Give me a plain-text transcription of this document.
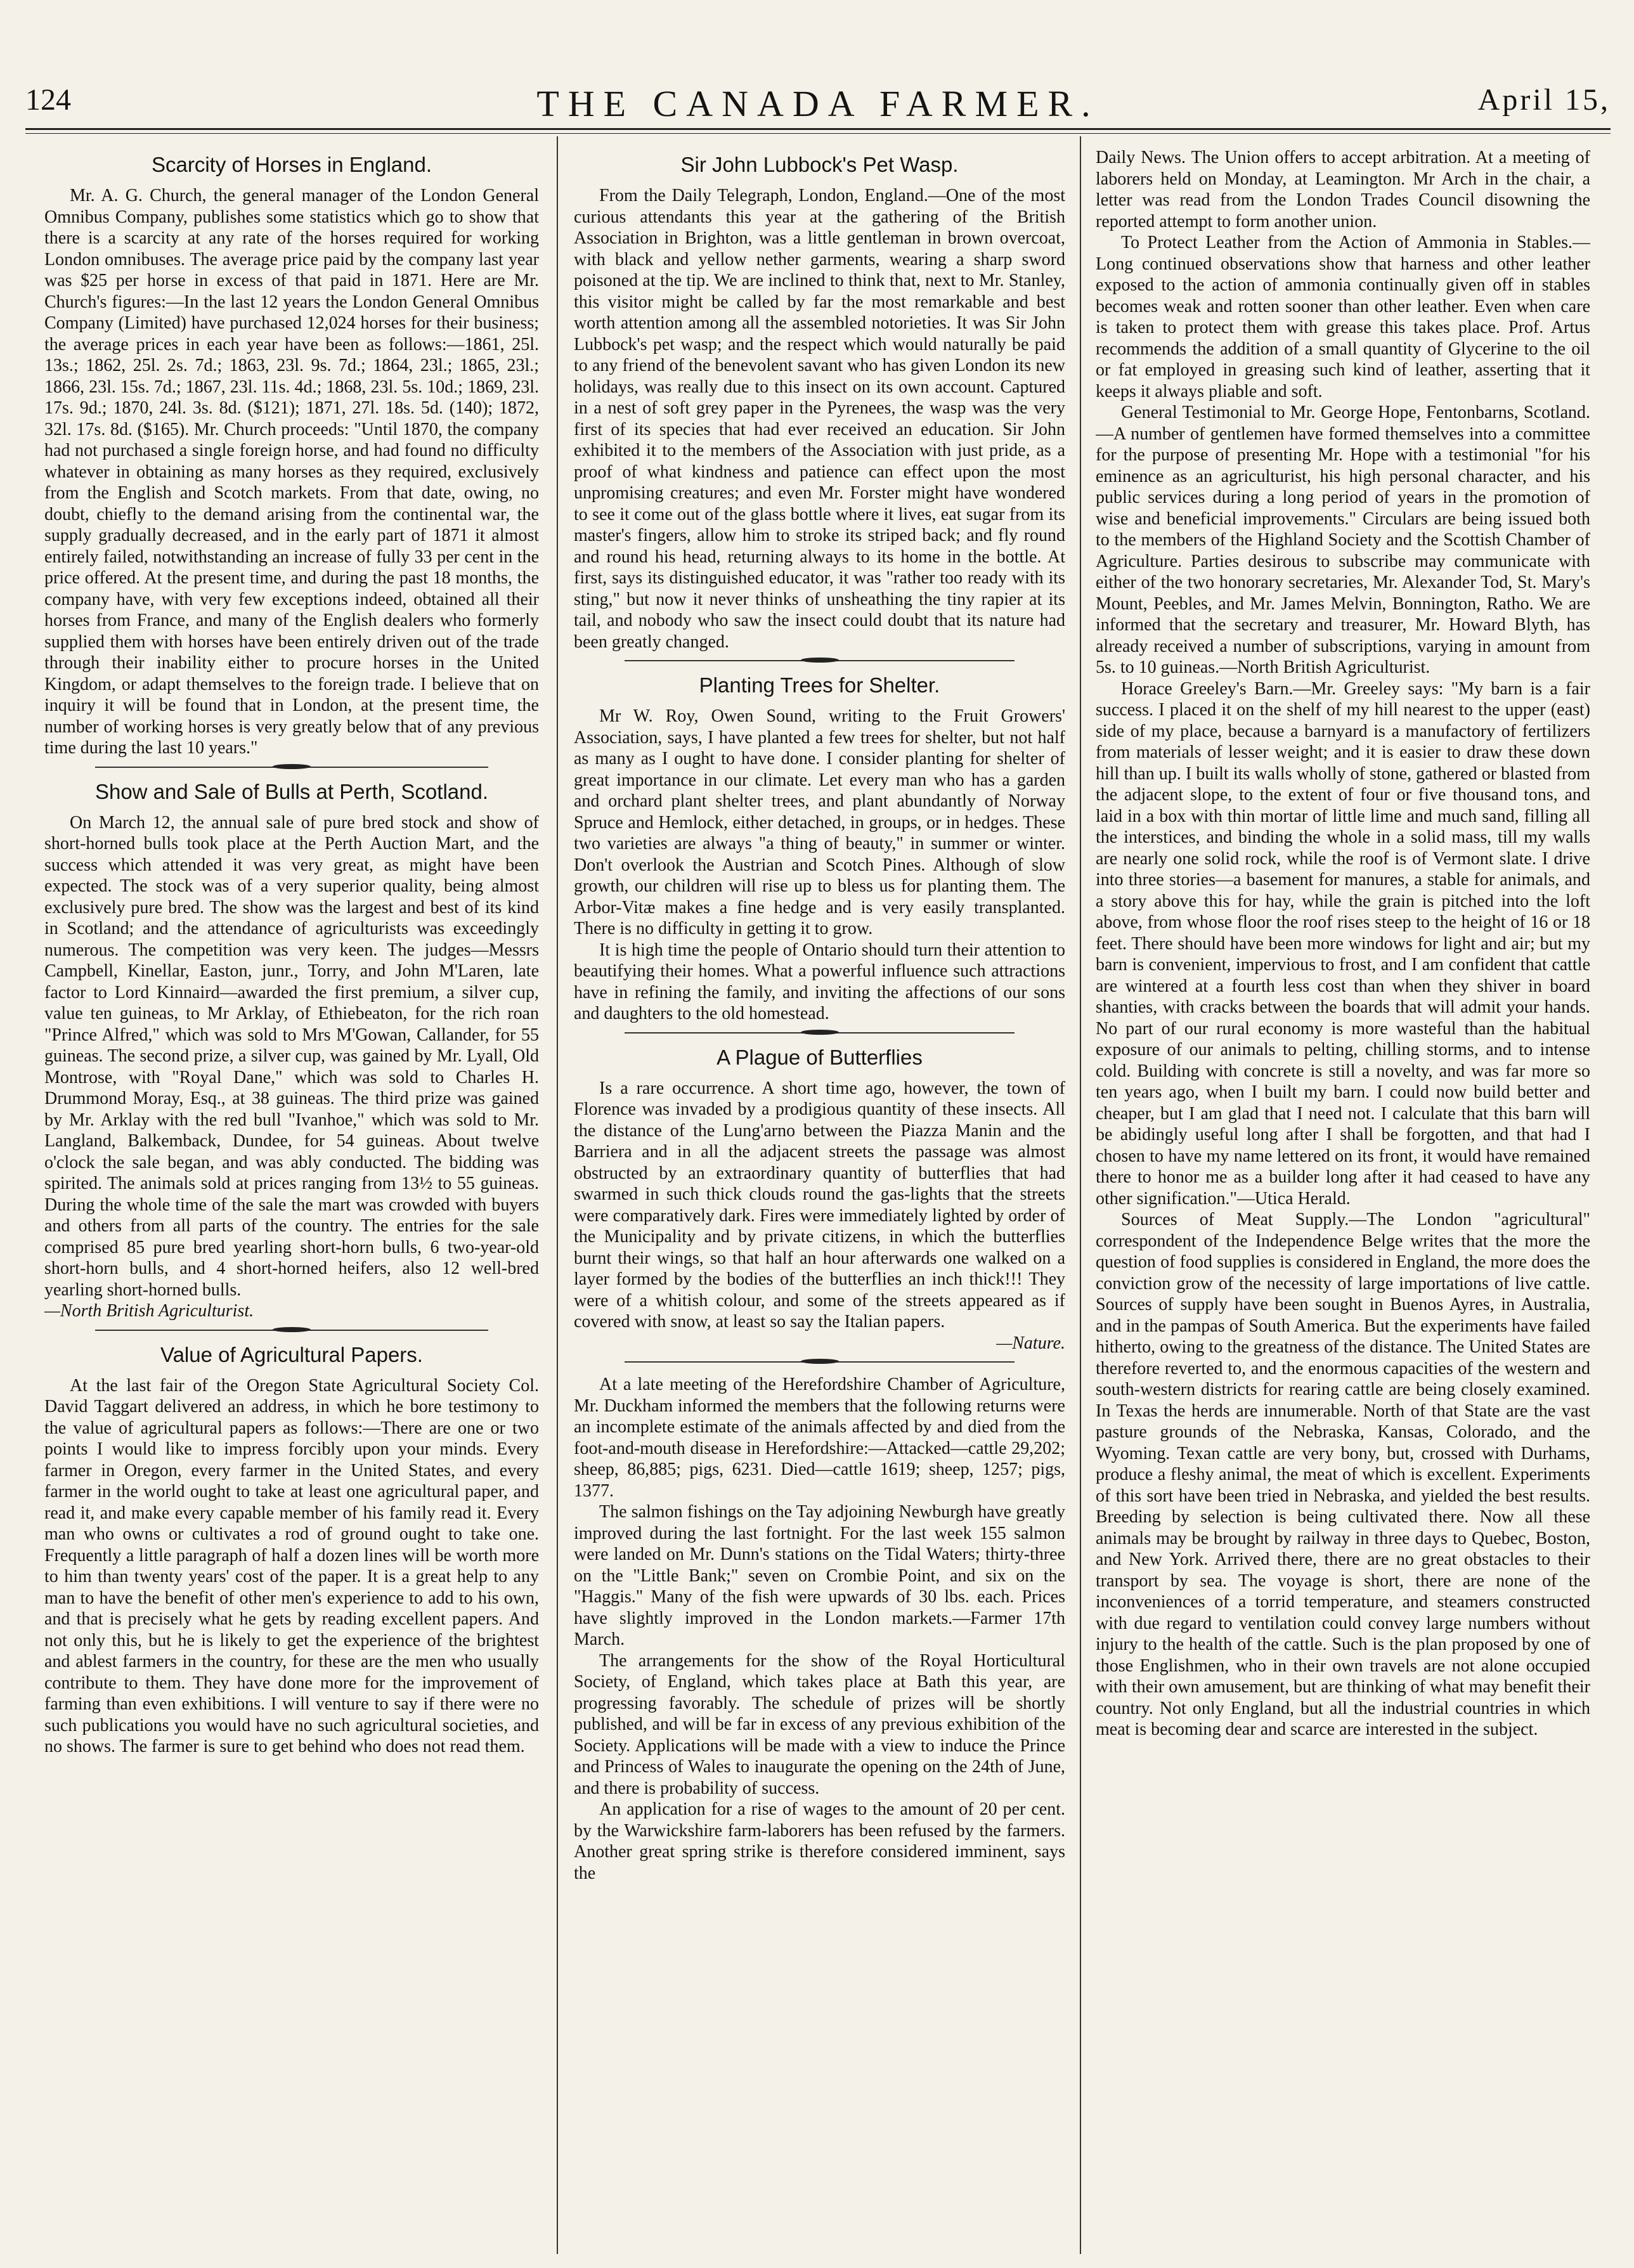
124	THE CANADA FARMER.	April 15,
Scarcity of Horses in England.

Mr. A. G. Church, the general manager of the London General Omnibus Company, publishes some statistics which go to show that there is a scarcity at any rate of the horses required for working London omnibuses. The average price paid by the company last year was $25 per horse in excess of that paid in 1871. Here are Mr. Church's figures:—In the last 12 years the London General Omnibus Company (Limited) have purchased 12,024 horses for their business; the average prices in each year have been as follows:—1861, 25l. 13s.; 1862, 25l. 2s. 7d.; 1863, 23l. 9s. 7d.; 1864, 23l.; 1865, 23l.; 1866, 23l. 15s. 7d.; 1867, 23l. 11s. 4d.; 1868, 23l. 5s. 10d.; 1869, 23l. 17s. 9d.; 1870, 24l. 3s. 8d. ($121); 1871, 27l. 18s. 5d. (140); 1872, 32l. 17s. 8d. ($165). Mr. Church proceeds: "Until 1870, the company had not purchased a single foreign horse, and had found no difficulty whatever in obtaining as many horses as they required, exclusively from the English and Scotch markets. From that date, owing, no doubt, chiefly to the demand arising from the continental war, the supply gradually decreased, and in the early part of 1871 it almost entirely failed, notwithstanding an increase of fully 33 per cent in the price offered. At the present time, and during the past 18 months, the company have, with very few exceptions indeed, obtained all their horses from France, and many of the English dealers who formerly supplied them with horses have been entirely driven out of the trade through their inability either to procure horses in the United Kingdom, or adapt themselves to the foreign trade. I believe that on inquiry it will be found that in London, at the present time, the number of working horses is very greatly below that of any previous time during the last 10 years."

Show and Sale of Bulls at Perth, Scotland.

On March 12, the annual sale of pure bred stock and show of short-horned bulls took place at the Perth Auction Mart, and the success which attended it was very great, as might have been expected. The stock was of a very superior quality, being almost exclusively pure bred. The show was the largest and best of its kind in Scotland; and the attendance of agriculturists was exceedingly numerous. The competition was very keen. The judges—Messrs Campbell, Kinellar, Easton, junr., Torry, and John M'Laren, late factor to Lord Kinnaird—awarded the first premium, a silver cup, value ten guineas, to Mr Arklay, of Ethiebeaton, for the rich roan "Prince Alfred," which was sold to Mrs M'Gowan, Callander, for 55 guineas. The second prize, a silver cup, was gained by Mr. Lyall, Old Montrose, with "Royal Dane," which was sold to Charles H. Drummond Moray, Esq., at 38 guineas. The third prize was gained by Mr. Arklay with the red bull "Ivanhoe," which was sold to Mr. Langland, Balkemback, Dundee, for 54 guineas. About twelve o'clock the sale began, and was ably conducted. The bidding was spirited. The animals sold at prices ranging from 13½ to 55 guineas. During the whole time of the sale the mart was crowded with buyers and others from all parts of the country. The entries for the sale comprised 85 pure bred yearling short-horn bulls, 6 two-year-old short-horn bulls, and 4 short-horned heifers, also 12 well-bred yearling short-horned bulls.

—North British Agriculturist.
Value of Agricultural Papers.

At the last fair of the Oregon State Agricultural Society Col. David Taggart delivered an address, in which he bore testimony to the value of agricultural papers as follows:—There are one or two points I would like to impress forcibly upon your minds. Every farmer in Oregon, every farmer in the United States, and every farmer in the world ought to take at least one agricultural paper, and read it, and make every capable member of his family read it. Every man who owns or cultivates a rod of ground ought to take one. Frequently a little paragraph of half a dozen lines will be worth more to him than twenty years' cost of the paper. It is a great help to any man to have the benefit of other men's experience to add to his own, and that is precisely what he gets by reading excellent papers. And not only this, but he is likely to get the experience of the brightest and ablest farmers in the country, for these are the men who usually contribute to them. They have done more for the improvement of farming than even exhibitions. I will venture to say if there were no such publications you would have no such agricultural societies, and no shows. The farmer is sure to get behind who does not read them.

Sir John Lubbock's Pet Wasp.

From the Daily Telegraph, London, England.—One of the most curious attendants this year at the gathering of the British Association in Brighton, was a little gentleman in brown overcoat, with black and yellow nether garments, wearing a sharp sword poisoned at the tip. We are inclined to think that, next to Mr. Stanley, this visitor might be called by far the most remarkable and best worth attention among all the assembled notorieties. It was Sir John Lubbock's pet wasp; and the respect which would naturally be paid to any friend of the benevolent savant who has given London its new holidays, was really due to this insect on its own account. Captured in a nest of soft grey paper in the Pyrenees, the wasp was the very first of its species that had ever received an education. Sir John exhibited it to the members of the Association with just pride, as a proof of what kindness and patience can effect upon the most unpromising creatures; and even Mr. Forster might have wondered to see it come out of the glass bottle where it lives, eat sugar from its master's fingers, allow him to stroke its striped back; and fly round and round his head, returning always to its home in the bottle. At first, says its distinguished educator, it was "rather too ready with its sting," but now it never thinks of unsheathing the tiny rapier at its tail, and nobody who saw the insect could doubt that its nature had been greatly changed.

Planting Trees for Shelter.

Mr W. Roy, Owen Sound, writing to the Fruit Growers' Association, says, I have planted a few trees for shelter, but not half as many as I ought to have done. I consider planting for shelter of great importance in our climate. Let every man who has a garden and orchard plant shelter trees, and plant abundantly of Norway Spruce and Hemlock, either detached, in groups, or in hedges. These two varieties are always "a thing of beauty," in summer or winter. Don't overlook the Austrian and Scotch Pines. Although of slow growth, our children will rise up to bless us for planting them. The Arbor-Vitæ makes a fine hedge and is very easily transplanted. There is no difficulty in getting it to grow.

It is high time the people of Ontario should turn their attention to beautifying their homes. What a powerful influence such attractions have in refining the family, and inviting the affections of our sons and daughters to the old homestead.

A Plague of Butterflies

Is a rare occurrence. A short time ago, however, the town of Florence was invaded by a prodigious quantity of these insects. All the distance of the Lung'arno between the Piazza Manin and the Barriera and in all the adjacent streets the passage was almost obstructed by an extraordinary quantity of butterflies that had swarmed in such thick clouds round the gas-lights that the streets were comparatively dark. Fires were immediately lighted by order of the Municipality and by private citizens, in which the butterflies burnt their wings, so that half an hour afterwards one walked on a layer formed by the bodies of the butterflies an inch thick!!! They were of a whitish colour, and some of the streets appeared as if covered with snow, at least so say the Italian papers.

—Nature.

At a late meeting of the Herefordshire Chamber of Agriculture, Mr. Duckham informed the members that the following returns were an incomplete estimate of the animals affected by and died from the foot-and-mouth disease in Herefordshire:—Attacked—cattle 29,202; sheep, 86,885; pigs, 6231. Died—cattle 1619; sheep, 1257; pigs, 1377.

The salmon fishings on the Tay adjoining Newburgh have greatly improved during the last fortnight. For the last week 155 salmon were landed on Mr. Dunn's stations on the Tidal Waters; thirty-three on the "Little Bank;" seven on Crombie Point, and six on the "Haggis." Many of the fish were upwards of 30 lbs. each. Prices have slightly improved in the London markets.—Farmer 17th March.

The arrangements for the show of the Royal Horticultural Society, of England, which takes place at Bath this year, are progressing favorably. The schedule of prizes will be shortly published, and will be far in excess of any previous exhibition of the Society. Applications will be made with a view to induce the Prince and Princess of Wales to inaugurate the opening on the 24th of June, and there is probability of success.

An application for a rise of wages to the amount of 20 per cent. by the Warwickshire farm-laborers has been refused by the farmers. Another great spring strike is therefore considered imminent, says the

Daily News. The Union offers to accept arbitration. At a meeting of laborers held on Monday, at Leamington. Mr Arch in the chair, a letter was read from the London Trades Council disowning the reported attempt to form another union.

To Protect Leather from the Action of Ammonia in Stables.—Long continued observations show that harness and other leather exposed to the action of ammonia continually given off in stables becomes weak and rotten sooner than other leather. Even when care is taken to protect them with grease this takes place. Prof. Artus recommends the addition of a small quantity of Glycerine to the oil or fat employed in greasing such kind of leather, asserting that it keeps it always pliable and soft.

General Testimonial to Mr. George Hope, Fentonbarns, Scotland.—A number of gentlemen have formed themselves into a committee for the purpose of presenting Mr. Hope with a testimonial "for his eminence as an agriculturist, his high personal character, and his public services during a long period of years in the promotion of wise and beneficial improvements." Circulars are being issued both to the members of the Highland Society and the Scottish Chamber of Agriculture. Parties desirous to subscribe may communicate with either of the two honorary secretaries, Mr. Alexander Tod, St. Mary's Mount, Peebles, and Mr. James Melvin, Bonnington, Ratho. We are informed that the secretary and treasurer, Mr. Howard Blyth, has already received a number of subscriptions, varying in amount from 5s. to 10 guineas.—North British Agriculturist.

Horace Greeley's Barn.—Mr. Greeley says: "My barn is a fair success. I placed it on the shelf of my hill nearest to the upper (east) side of my place, because a barnyard is a manufactory of fertilizers from materials of lesser weight; and it is easier to draw these down hill than up. I built its walls wholly of stone, gathered or blasted from the adjacent slope, to the extent of four or five thousand tons, and laid in a box with thin mortar of little lime and much sand, filling all the interstices, and binding the whole in a solid mass, till my walls are nearly one solid rock, while the roof is of Vermont slate. I drive into three stories—a basement for manures, a stable for animals, and a story above this for hay, while the grain is pitched into the loft above, from whose floor the roof rises steep to the height of 16 or 18 feet. There should have been more windows for light and air; but my barn is convenient, impervious to frost, and I am confident that cattle are wintered at a fourth less cost than when they shiver in board shanties, with cracks between the boards that will admit your hands. No part of our rural economy is more wasteful than the habitual exposure of our animals to pelting, chilling storms, and to intense cold. Building with concrete is still a novelty, and was far more so ten years ago, when I built my barn. I could now build better and cheaper, but I am glad that I need not. I calculate that this barn will be abidingly useful long after I shall be forgotten, and that had I chosen to have my name lettered on its front, it would have remained there to honor me as a builder long after it had ceased to have any other signification."—Utica Herald.

Sources of Meat Supply.—The London "agricultural" correspondent of the Independence Belge writes that the more the question of food supplies is considered in England, the more does the conviction grow of the necessity of large importations of live cattle. Sources of supply have been sought in Buenos Ayres, in Australia, and in the pampas of South America. But the experiments have failed hitherto, owing to the greatness of the distance. The United States are therefore reverted to, and the enormous capacities of the western and south-western districts for rearing cattle are being closely examined. In Texas the herds are innumerable. North of that State are the vast pasture grounds of the Nebraska, Kansas, Colorado, and the Wyoming. Texan cattle are very bony, but, crossed with Durhams, produce a fleshy animal, the meat of which is excellent. Experiments of this sort have been tried in Nebraska, and yielded the best results. Breeding by selection is being cultivated there. Now all these animals may be brought by railway in three days to Quebec, Boston, and New York. Arrived there, there are no great obstacles to their transport by sea. The voyage is short, there are none of the inconveniences of a torrid temperature, and steamers constructed with due regard to ventilation could convey large numbers without injury to the health of the cattle. Such is the plan proposed by one of those Englishmen, who in their own travels are not alone occupied with their own amusement, but are thinking of what may benefit their country. Not only England, but all the industrial countries in which meat is becoming dear and scarce are interested in the subject.
